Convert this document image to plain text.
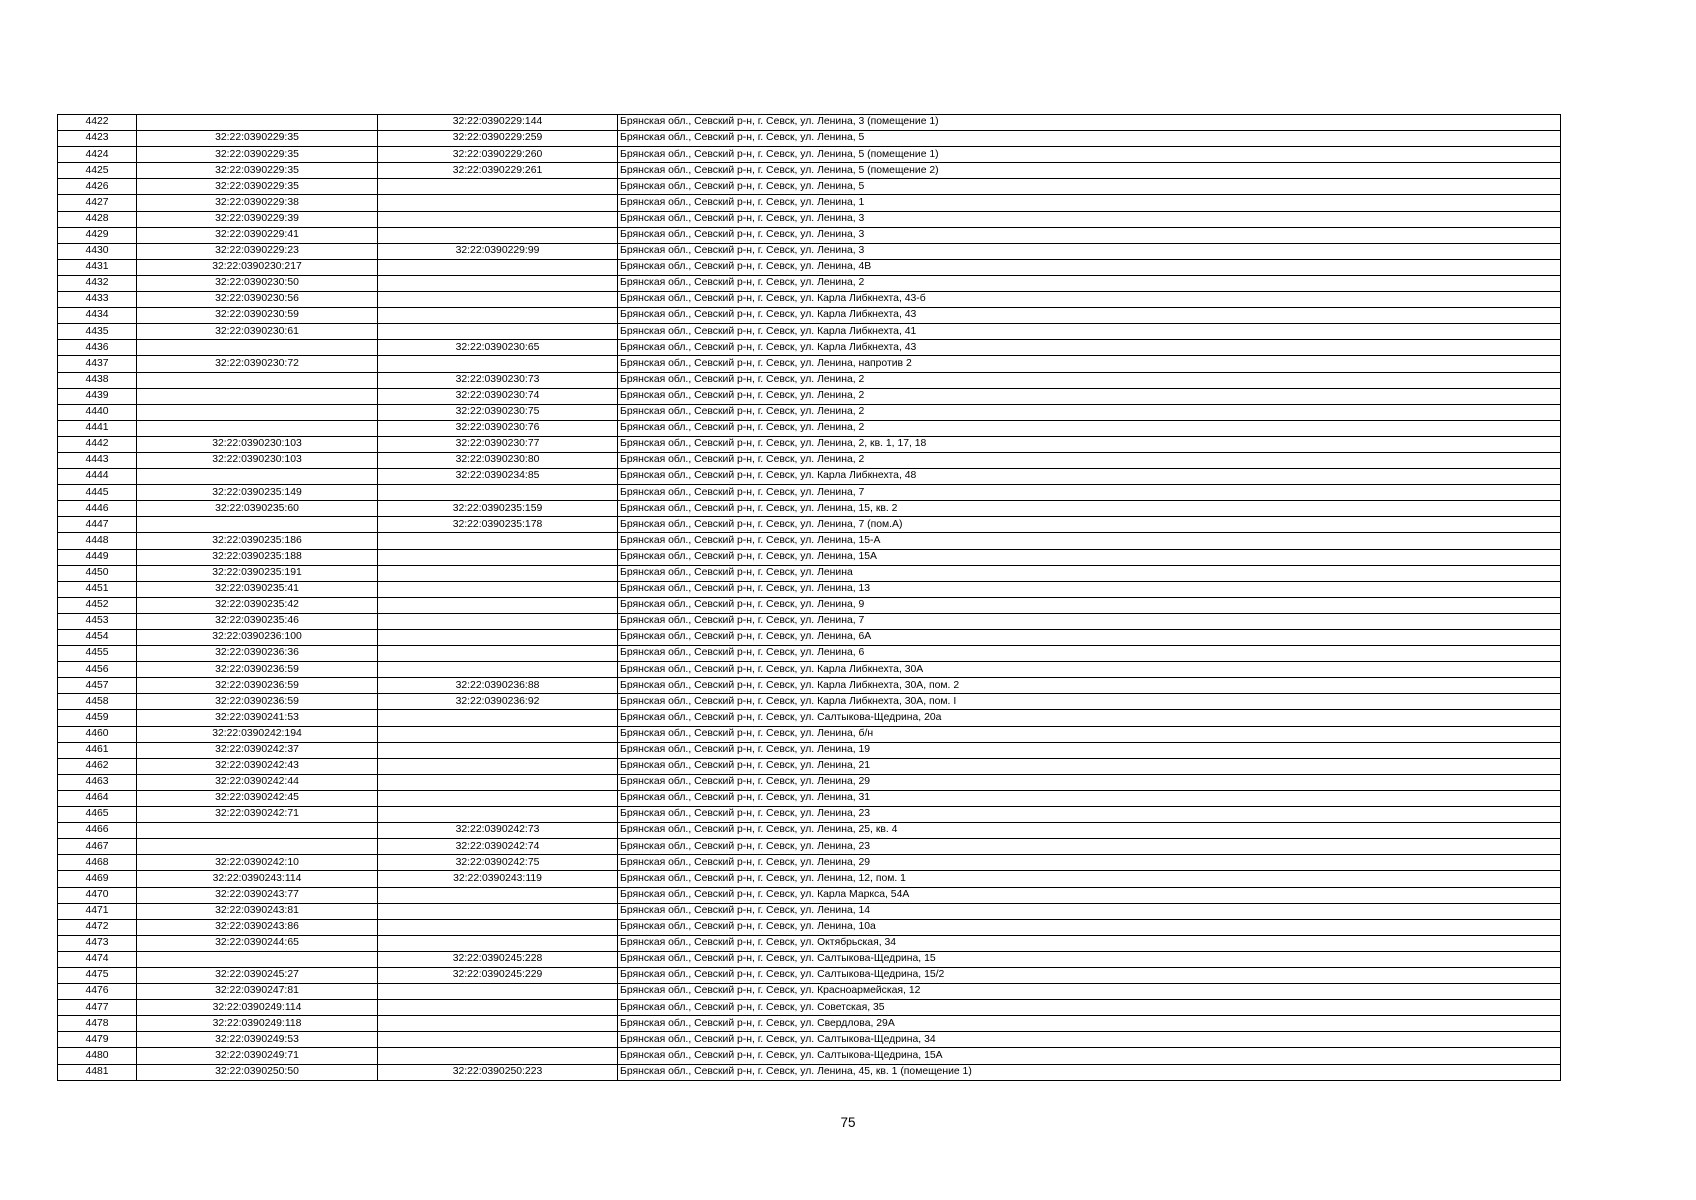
4422		32:22:0390229:144	Брянская обл., Севский р-н, г. Севск, ул. Ленина, 3 (помещение 1)
4423	32:22:0390229:35	32:22:0390229:259	Брянская обл., Севский р-н, г. Севск, ул. Ленина, 5
4424	32:22:0390229:35	32:22:0390229:260	Брянская обл., Севский р-н, г. Севск, ул. Ленина, 5 (помещение 1)
4425	32:22:0390229:35	32:22:0390229:261	Брянская обл., Севский р-н, г. Севск, ул. Ленина, 5 (помещение 2)
4426	32:22:0390229:35		Брянская обл., Севский р-н, г. Севск, ул. Ленина, 5
4427	32:22:0390229:38		Брянская обл., Севский р-н, г. Севск, ул. Ленина, 1
4428	32:22:0390229:39		Брянская обл., Севский р-н, г. Севск, ул. Ленина, 3
4429	32:22:0390229:41		Брянская обл., Севский р-н, г. Севск, ул. Ленина, 3
4430	32:22:0390229:23	32:22:0390229:99	Брянская обл., Севский р-н, г. Севск, ул. Ленина, 3
4431	32:22:0390230:217		Брянская обл., Севский р-н, г. Севск, ул. Ленина, 4В
4432	32:22:0390230:50		Брянская обл., Севский р-н, г. Севск, ул. Ленина, 2
4433	32:22:0390230:56		Брянская обл., Севский р-н, г. Севск, ул. Карла Либкнехта, 43-б
4434	32:22:0390230:59		Брянская обл., Севский р-н, г. Севск, ул. Карла Либкнехта, 43
4435	32:22:0390230:61		Брянская обл., Севский р-н, г. Севск, ул. Карла Либкнехта, 41
4436		32:22:0390230:65	Брянская обл., Севский р-н, г. Севск, ул. Карла Либкнехта, 43
4437	32:22:0390230:72		Брянская обл., Севский р-н, г. Севск, ул. Ленина, напротив 2
4438		32:22:0390230:73	Брянская обл., Севский р-н, г. Севск, ул. Ленина, 2
4439		32:22:0390230:74	Брянская обл., Севский р-н, г. Севск, ул. Ленина, 2
4440		32:22:0390230:75	Брянская обл., Севский р-н, г. Севск, ул. Ленина, 2
4441		32:22:0390230:76	Брянская обл., Севский р-н, г. Севск, ул. Ленина, 2
4442	32:22:0390230:103	32:22:0390230:77	Брянская обл., Севский р-н, г. Севск, ул. Ленина, 2, кв. 1, 17, 18
4443	32:22:0390230:103	32:22:0390230:80	Брянская обл., Севский р-н, г. Севск, ул. Ленина, 2
4444		32:22:0390234:85	Брянская обл., Севский р-н, г. Севск, ул. Карла Либкнехта, 48
4445	32:22:0390235:149		Брянская обл., Севский р-н, г. Севск, ул. Ленина, 7
4446	32:22:0390235:60	32:22:0390235:159	Брянская обл., Севский р-н, г. Севск, ул. Ленина, 15, кв. 2
4447		32:22:0390235:178	Брянская обл., Севский р-н, г. Севск, ул. Ленина, 7 (пом.А)
4448	32:22:0390235:186		Брянская обл., Севский р-н, г. Севск, ул. Ленина, 15-А
4449	32:22:0390235:188		Брянская обл., Севский р-н, г. Севск, ул. Ленина, 15А
4450	32:22:0390235:191		Брянская обл., Севский р-н, г. Севск, ул. Ленина
4451	32:22:0390235:41		Брянская обл., Севский р-н, г. Севск, ул. Ленина, 13
4452	32:22:0390235:42		Брянская обл., Севский р-н, г. Севск, ул. Ленина, 9
4453	32:22:0390235:46		Брянская обл., Севский р-н, г. Севск, ул. Ленина, 7
4454	32:22:0390236:100		Брянская обл., Севский р-н, г. Севск, ул. Ленина, 6А
4455	32:22:0390236:36		Брянская обл., Севский р-н, г. Севск, ул. Ленина, 6
4456	32:22:0390236:59		Брянская обл., Севский р-н, г. Севск, ул. Карла Либкнехта, 30А
4457	32:22:0390236:59	32:22:0390236:88	Брянская обл., Севский р-н, г. Севск, ул. Карла Либкнехта, 30А, пом. 2
4458	32:22:0390236:59	32:22:0390236:92	Брянская обл., Севский р-н, г. Севск, ул. Карла Либкнехта, 30А, пом. I
4459	32:22:0390241:53		Брянская обл., Севский р-н, г. Севск, ул. Салтыкова-Щедрина, 20а
4460	32:22:0390242:194		Брянская обл., Севский р-н, г. Севск, ул. Ленина, б/н
4461	32:22:0390242:37		Брянская обл., Севский р-н, г. Севск, ул. Ленина, 19
4462	32:22:0390242:43		Брянская обл., Севский р-н, г. Севск, ул. Ленина, 21
4463	32:22:0390242:44		Брянская обл., Севский р-н, г. Севск, ул. Ленина, 29
4464	32:22:0390242:45		Брянская обл., Севский р-н, г. Севск, ул. Ленина, 31
4465	32:22:0390242:71		Брянская обл., Севский р-н, г. Севск, ул. Ленина, 23
4466		32:22:0390242:73	Брянская обл., Севский р-н, г. Севск, ул. Ленина, 25, кв. 4
4467		32:22:0390242:74	Брянская обл., Севский р-н, г. Севск, ул. Ленина, 23
4468	32:22:0390242:10	32:22:0390242:75	Брянская обл., Севский р-н, г. Севск, ул. Ленина, 29
4469	32:22:0390243:114	32:22:0390243:119	Брянская обл., Севский р-н, г. Севск, ул. Ленина, 12, пом. 1
4470	32:22:0390243:77		Брянская обл., Севский р-н, г. Севск, ул. Карла Маркса, 54А
4471	32:22:0390243:81		Брянская обл., Севский р-н, г. Севск, ул. Ленина, 14
4472	32:22:0390243:86		Брянская обл., Севский р-н, г. Севск, ул. Ленина, 10а
4473	32:22:0390244:65		Брянская обл., Севский р-н, г. Севск, ул. Октябрьская, 34
4474		32:22:0390245:228	Брянская обл., Севский р-н, г. Севск, ул. Салтыкова-Щедрина, 15
4475	32:22:0390245:27	32:22:0390245:229	Брянская обл., Севский р-н, г. Севск, ул. Салтыкова-Щедрина, 15/2
4476	32:22:0390247:81		Брянская обл., Севский р-н, г. Севск, ул. Красноармейская, 12
4477	32:22:0390249:114		Брянская обл., Севский р-н, г. Севск, ул. Советская, 35
4478	32:22:0390249:118		Брянская обл., Севский р-н, г. Севск, ул. Свердлова, 29А
4479	32:22:0390249:53		Брянская обл., Севский р-н, г. Севск, ул. Салтыкова-Щедрина, 34
4480	32:22:0390249:71		Брянская обл., Севский р-н, г. Севск, ул. Салтыкова-Щедрина, 15А
4481	32:22:0390250:50	32:22:0390250:223	Брянская обл., Севский р-н, г. Севск, ул. Ленина, 45, кв. 1 (помещение 1)
75
